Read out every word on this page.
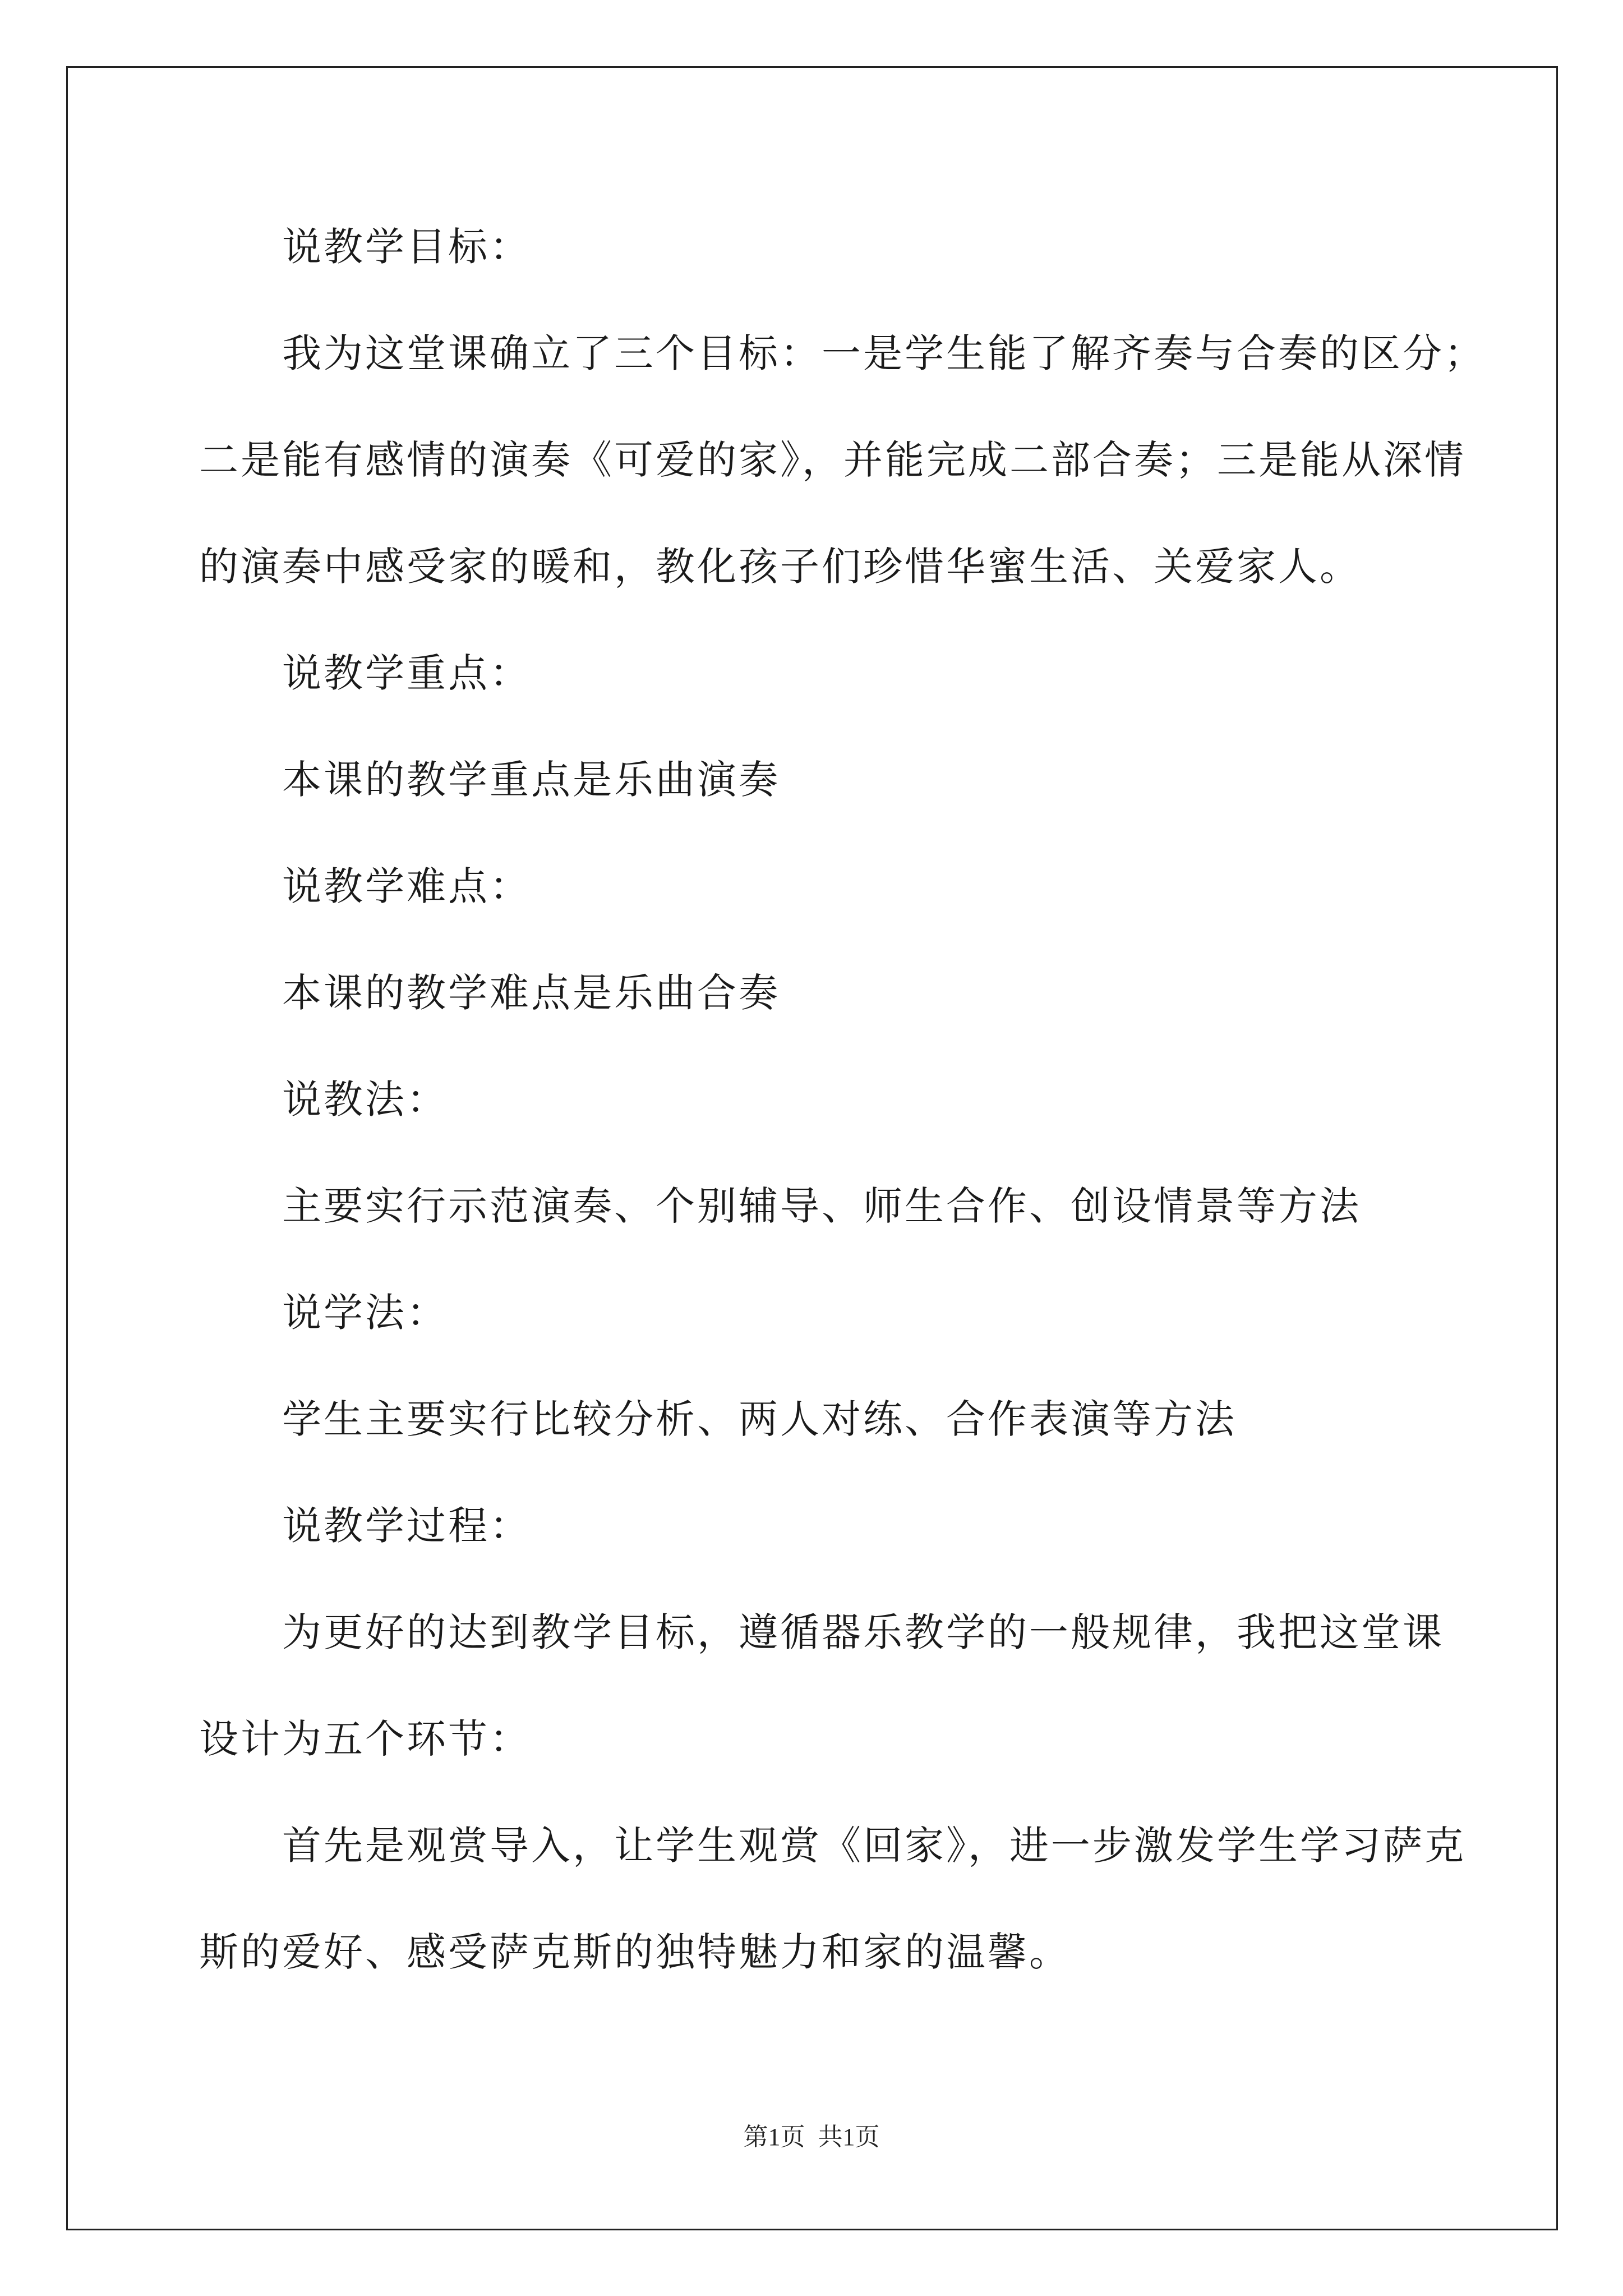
说教学目标：
我为这堂课确立了三个目标：一是学生能了解齐奏与合奏的区分；
二是能有感情的演奏《可爱的家》，并能完成二部合奏；三是能从深情
的演奏中感受家的暖和，教化孩子们珍惜华蜜生活、关爱家人。
说教学重点：
本课的教学重点是乐曲演奏
说教学难点：
本课的教学难点是乐曲合奏
说教法：
主要实行示范演奏、个别辅导、师生合作、创设情景等方法
说学法：
学生主要实行比较分析、两人对练、合作表演等方法
说教学过程：
为更好的达到教学目标，遵循器乐教学的一般规律，我把这堂课
设计为五个环节：
首先是观赏导入，让学生观赏《回家》，进一步激发学生学习萨克
斯的爱好、感受萨克斯的独特魅力和家的温馨。
第1页 共1页
